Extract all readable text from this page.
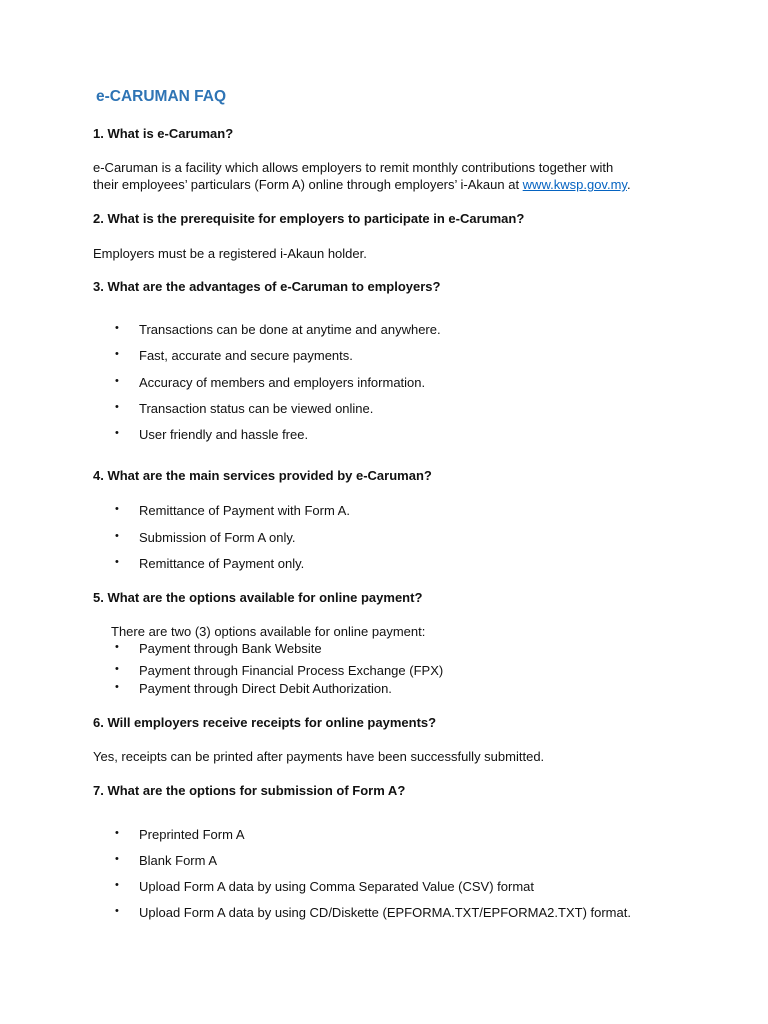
e-CARUMAN FAQ

1. What is e-Caruman?

e-Caruman is a facility which allows employers to remit monthly contributions together with

their employees’ particulars (Form A) online through employers’ i-Akaun at www.kwsp.gov.my.

2. What is the prerequisite for employers to participate in e-Caruman?

Employers must be a registered i-Akaun holder.

3. What are the advantages of e-Caruman to employers?

• Transactions can be done at anytime and anywhere.
• Fast, accurate and secure payments.
• Accuracy of members and employers information.
• Transaction status can be viewed online.
• User friendly and hassle free.

4. What are the main services provided by e-Caruman?

• Remittance of Payment with Form A.
• Submission of Form A only.
• Remittance of Payment only.

5. What are the options available for online payment?

There are two (3) options available for online payment:

• Payment through Bank Website
• Payment through Financial Process Exchange (FPX)
• Payment through Direct Debit Authorization.

6. Will employers receive receipts for online payments?

Yes, receipts can be printed after payments have been successfully submitted.

7. What are the options for submission of Form A?

• Preprinted Form A
• Blank Form A
• Upload Form A data by using Comma Separated Value (CSV) format
• Upload Form A data by using CD/Diskette (EPFORMA.TXT/EPFORMA2.TXT) format.
